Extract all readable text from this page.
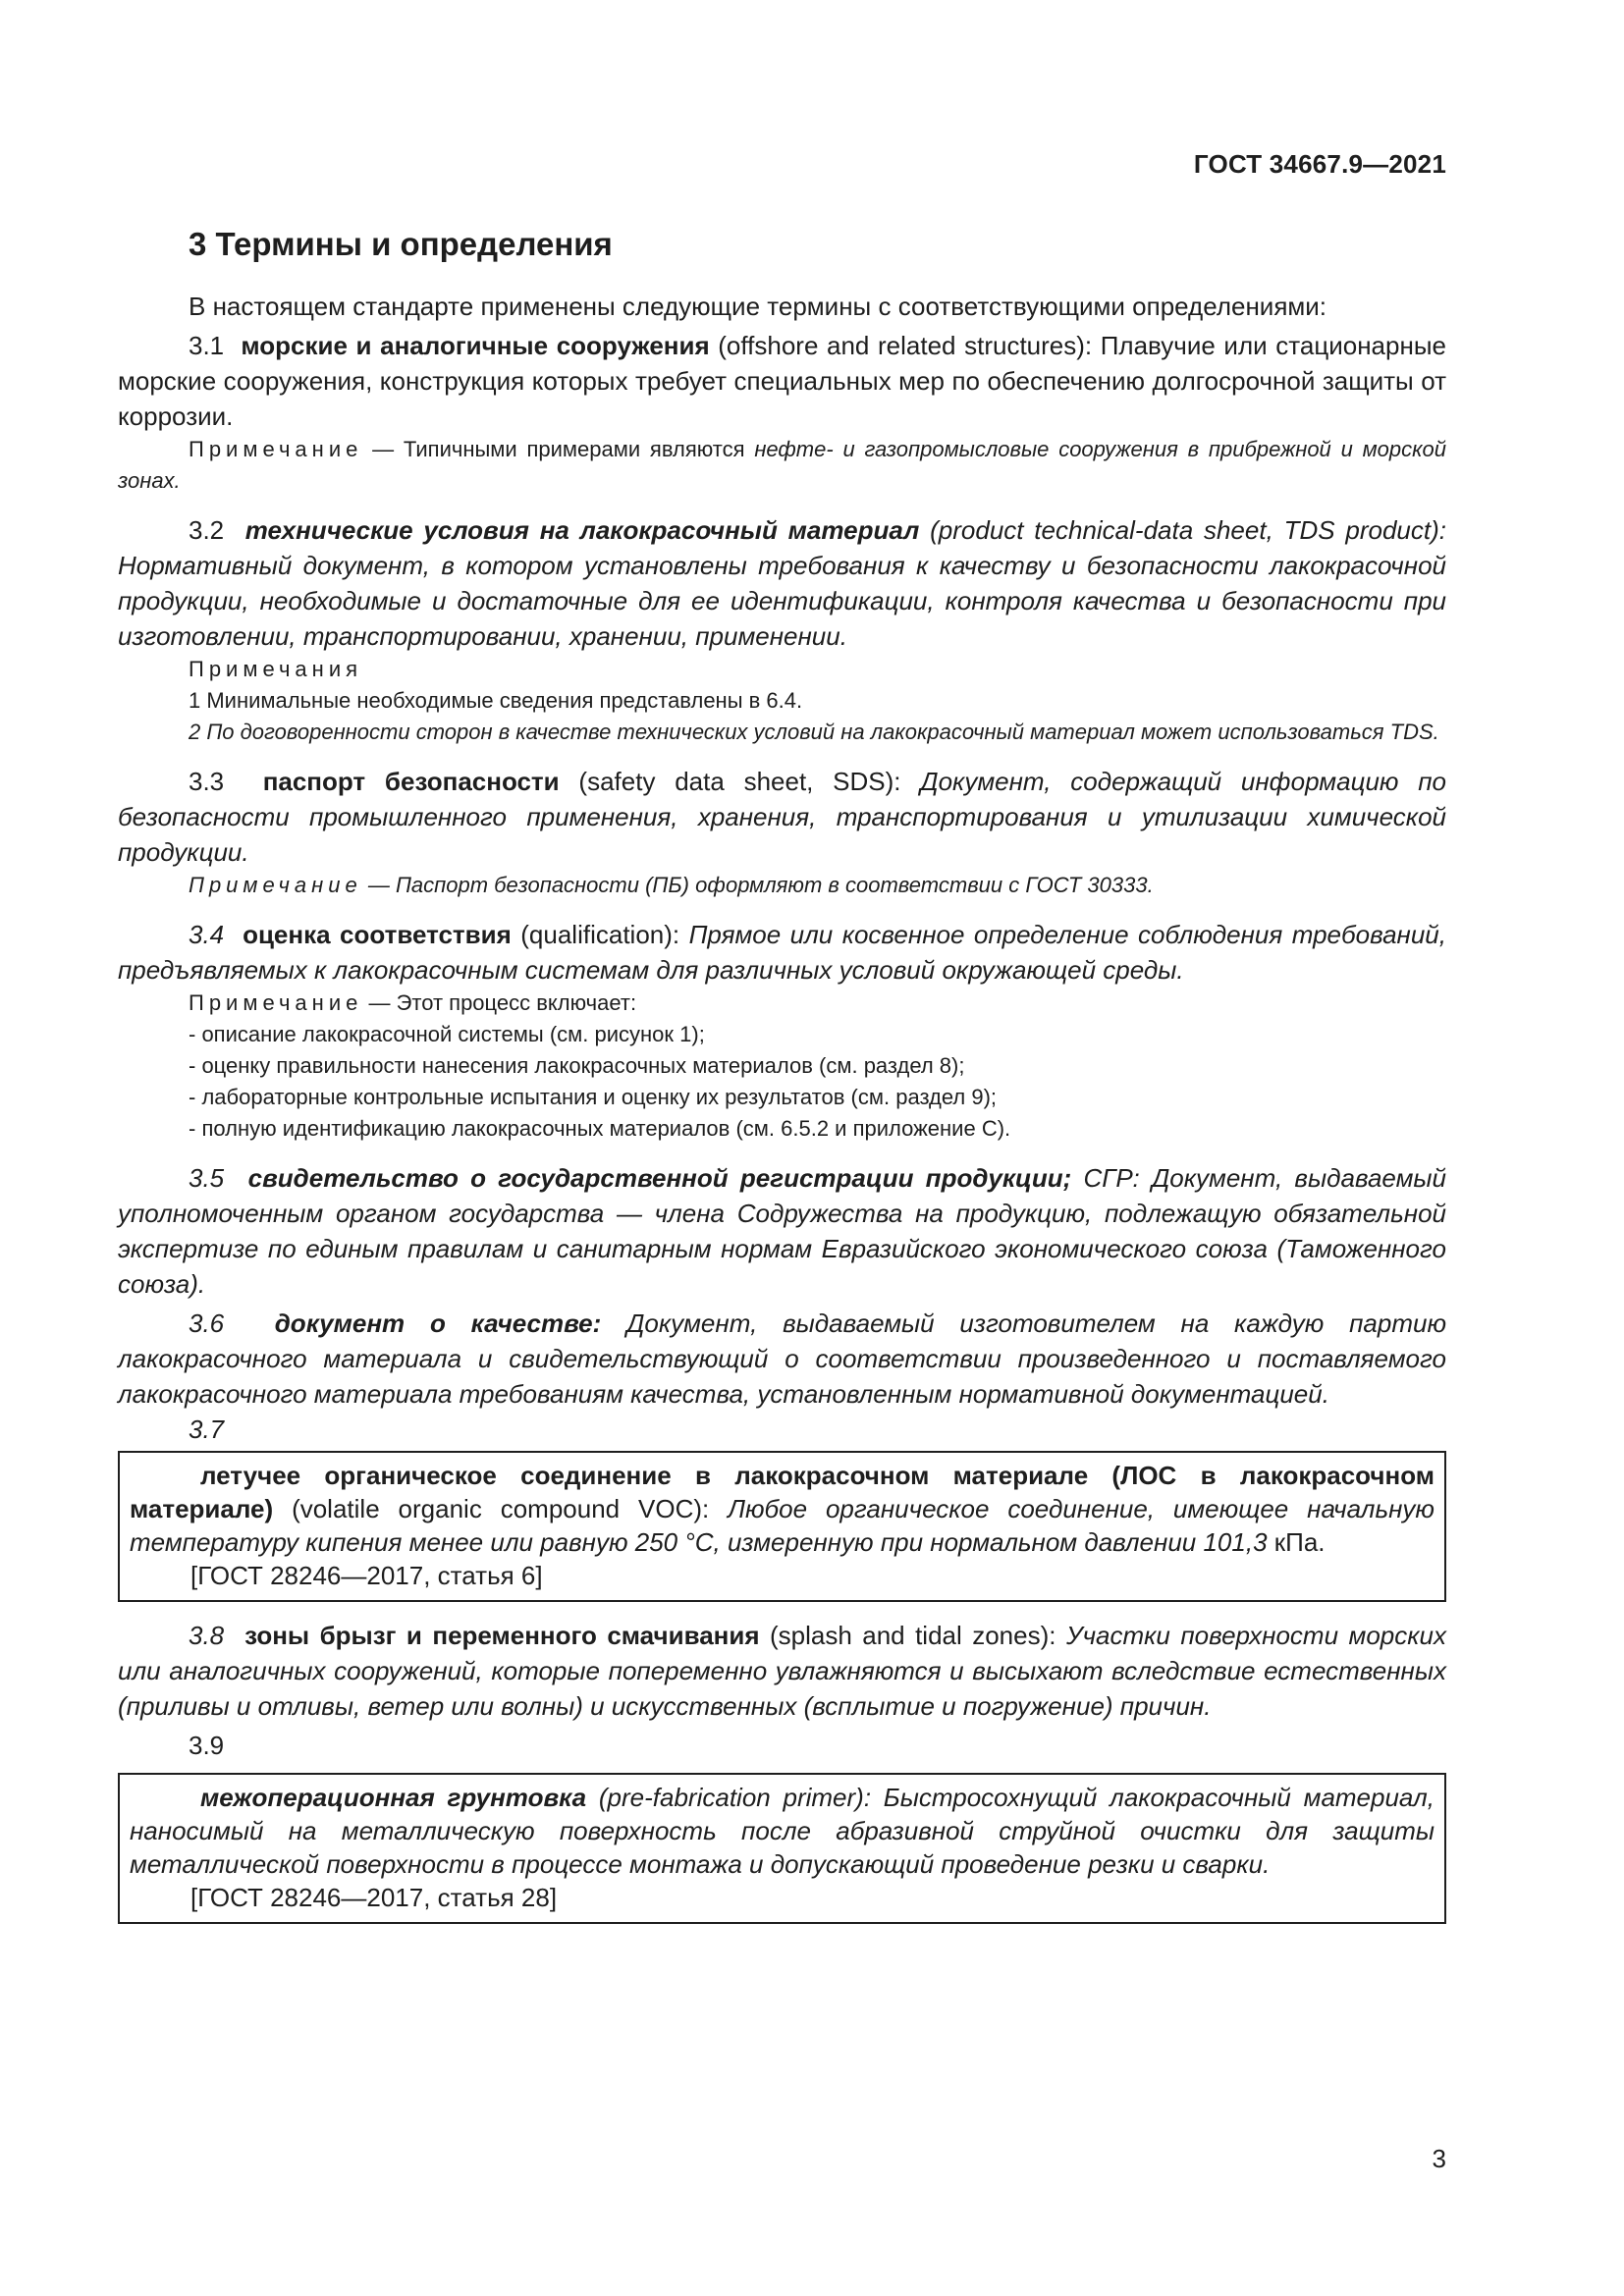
ГОСТ 34667.9—2021
3 Термины и определения

В настоящем стандарте применены следующие термины с соответствующими определениями:

3.1 морские и аналогичные сооружения (offshore and related structures): Плавучие или стационарные морские сооружения, конструкция которых требует специальных мер по обеспечению долгосрочной защиты от коррозии.

Примечание — Типичными примерами являются нефте- и газопромысловые сооружения в прибрежной и морской зонах.

3.2 технические условия на лакокрасочный материал (product technical-data sheet, TDS product): Нормативный документ, в котором установлены требования к качеству и безопасности лакокрасочной продукции, необходимые и достаточные для ее идентификации, контроля качества и безопасности при изготовлении, транспортировании, хранении, применении.

Примечания

1 Минимальные необходимые сведения представлены в 6.4.

2 По договоренности сторон в качестве технических условий на лакокрасочный материал может использоваться TDS.

3.3 паспорт безопасности (safety data sheet, SDS): Документ, содержащий информацию по безопасности промышленного применения, хранения, транспортирования и утилизации химической продукции.

Примечание — Паспорт безопасности (ПБ) оформляют в соответствии с ГОСТ 30333.

3.4 оценка соответствия (qualification): Прямое или косвенное определение соблюдения требований, предъявляемых к лакокрасочным системам для различных условий окружающей среды.

Примечание — Этот процесс включает:

- описание лакокрасочной системы (см. рисунок 1);

- оценку правильности нанесения лакокрасочных материалов (см. раздел 8);

- лабораторные контрольные испытания и оценку их результатов (см. раздел 9);

- полную идентификацию лакокрасочных материалов (см. 6.5.2 и приложение С).

3.5 свидетельство о государственной регистрации продукции; СГР: Документ, выдаваемый уполномоченным органом государства — члена Содружества на продукцию, подлежащую обязательной экспертизе по единым правилам и санитарным нормам Евразийского экономического союза (Таможенного союза).

3.6 документ о качестве: Документ, выдаваемый изготовителем на каждую партию лакокрасочного материала и свидетельствующий о соответствии произведенного и поставляемого лакокрасочного материала требованиям качества, установленным нормативной документацией.

3.7

летучее органическое соединение в лакокрасочном материале (ЛОС в лакокрасочном материале) (volatile organic compound VOC): Любое органическое соединение, имеющее начальную температуру кипения менее или равную 250 °С, измеренную при нормальном давлении 101,3 кПа.

[ГОСТ 28246—2017, статья 6]

3.8 зоны брызг и переменного смачивания (splash and tidal zones): Участки поверхности морских или аналогичных сооружений, которые попеременно увлажняются и высыхают вследствие естественных (приливы и отливы, ветер или волны) и искусственных (всплытие и погружение) причин.

3.9

межоперационная грунтовка (pre-fabrication primer): Быстросохнущий лакокрасочный материал, наносимый на металлическую поверхность после абразивной струйной очистки для защиты металлической поверхности в процессе монтажа и допускающий проведение резки и сварки.

[ГОСТ 28246—2017, статья 28]

3
